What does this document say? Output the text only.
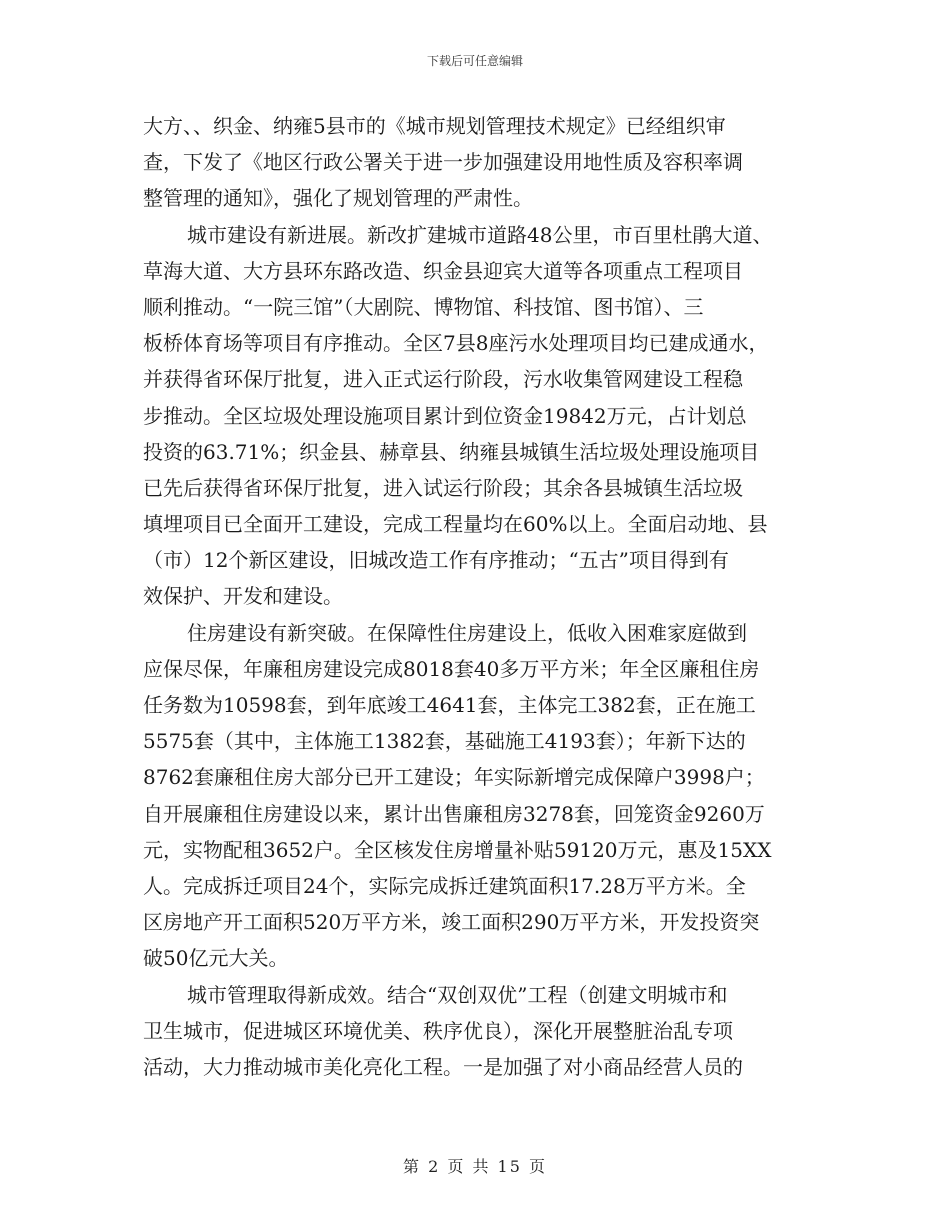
下载后可任意编辑
大方、、织金、纳雍5县市的《城市规划管理技术规定》已经组织审
查，下发了《地区行政公署关于进一步加强建设用地性质及容积率调
整管理的通知》，强化了规划管理的严肃性。
城市建设有新进展。新改扩建城市道路48公里，市百里杜鹃大道、
草海大道、大方县环东路改造、织金县迎宾大道等各项重点工程项目
顺利推动。“一院三馆”（大剧院、博物馆、科技馆、图书馆）、三
板桥体育场等项目有序推动。全区7县8座污水处理项目均已建成通水，
并获得省环保厅批复，进入正式运行阶段，污水收集管网建设工程稳
步推动。全区垃圾处理设施项目累计到位资金19842万元，占计划总
投资的63.71%；织金县、赫章县、纳雍县城镇生活垃圾处理设施项目
已先后获得省环保厅批复，进入试运行阶段；其余各县城镇生活垃圾
填埋项目已全面开工建设，完成工程量均在60%以上。全面启动地、县
（市）12个新区建设，旧城改造工作有序推动；“五古”项目得到有
效保护、开发和建设。
住房建设有新突破。在保障性住房建设上，低收入困难家庭做到
应保尽保，年廉租房建设完成8018套40多万平方米；年全区廉租住房
任务数为10598套，到年底竣工4641套，主体完工382套，正在施工
5575套（其中，主体施工1382套，基础施工4193套）；年新下达的
8762套廉租住房大部分已开工建设；年实际新增完成保障户3998户；
自开展廉租住房建设以来，累计出售廉租房3278套，回笼资金9260万
元，实物配租3652户。全区核发住房增量补贴59120万元，惠及15XX
人。完成拆迁项目24个，实际完成拆迁建筑面积17.28万平方米。全
区房地产开工面积520万平方米，竣工面积290万平方米，开发投资突
破50亿元大关。
城市管理取得新成效。结合“双创双优”工程（创建文明城市和
卫生城市，促进城区环境优美、秩序优良），深化开展整脏治乱专项
活动，大力推动城市美化亮化工程。一是加强了对小商品经营人员的
第 2 页 共 15 页
